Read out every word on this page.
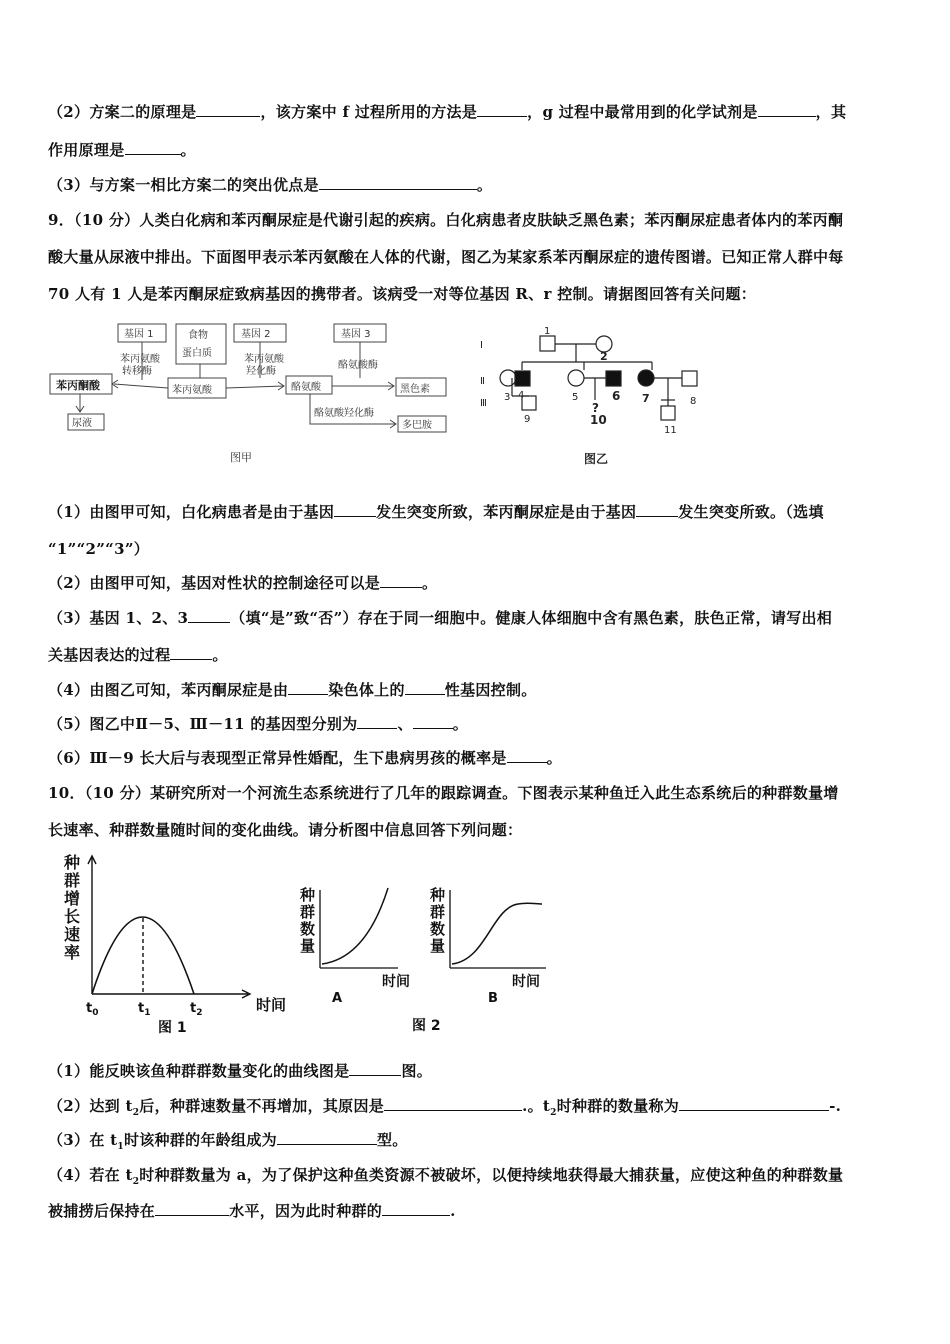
（2）方案二的原理是	，该方案中 f 过程所用的方法是	，g 过程中最常用到的化学试剂是	，其
作用原理是	。
（3）与方案一相比方案二的突出优点是	。
9．（10 分）人类白化病和苯丙酮尿症是代谢引起的疾病。白化病患者皮肤缺乏黑色素；苯丙酮尿症患者体内的苯丙酮
酸大量从尿液中排出。下面图甲表示苯丙氨酸在人体的代谢，图乙为某家系苯丙酮尿症的遗传图谱。已知正常人群中每
70 人有 1 人是苯丙酮尿症致病基因的携带者。该病受一对等位基因 R、r 控制。请据图回答有关问题：
基因 1	食物
蛋白质
基因 2	基因 3
苯丙氨酸
转移酶
苯丙氨酸
羟化酶
酪氨酸酶
酪氨酸羟化酶
苯丙氨酸	酪氨酸	黑色素
多巴胺
尿液
苯丙酮酸
图甲
Ⅰ
Ⅱ
Ⅲ
1
2
3 4	5	6 7	8
9
?
10
11
图乙
（1）由图甲可知，白化病患者是由于基因	发生突变所致，苯丙酮尿症是由于基因	发生突变所致。（选填
“1”“2”“3”）
（2）由图甲可知，基因对性状的控制途径可以是	。
（3）基因 1、2、3	（填“是”致“否”）存在于同一细胞中。健康人体细胞中含有黑色素，肤色正常，请写出相
关基因表达的过程	。
（4）由图乙可知，苯丙酮尿症是由	染色体上的	性基因控制。
（5）图乙中Ⅱ－5、Ⅲ－11 的基因型分别为	、	。
（6）Ⅲ－9 长大后与表现型正常异性婚配，生下患病男孩的概率是	。
10．（10 分）某研究所对一个河流生态系统进行了几年的跟踪调查。下图表示某种鱼迁入此生态系统后的种群数量增
长速率、种群数量随时间的变化曲线。请分析图中信息回答下列问题：
种
群
增
长
速
率
$t_0$	$t_1$	$t_2$	时间
图 1
种
群
数
量
种
群
数
量
时间	时间
A	B
图 2
（1）能反映该鱼种群群数量变化的曲线图是	图。
（2）达到 $t_2$后，种群速数量不再增加，其原因是	.。$t_2$时种群的数量称为	-.
（3）在 $t_1$时该种群的年龄组成为	型。
（4）若在 $t_2$时种群数量为 a，为了保护这种鱼类资源不被破坏，以便持续地获得最大捕获量，应使这种鱼的种群数量
被捕捞后保持在	水平，因为此时种群的	.
